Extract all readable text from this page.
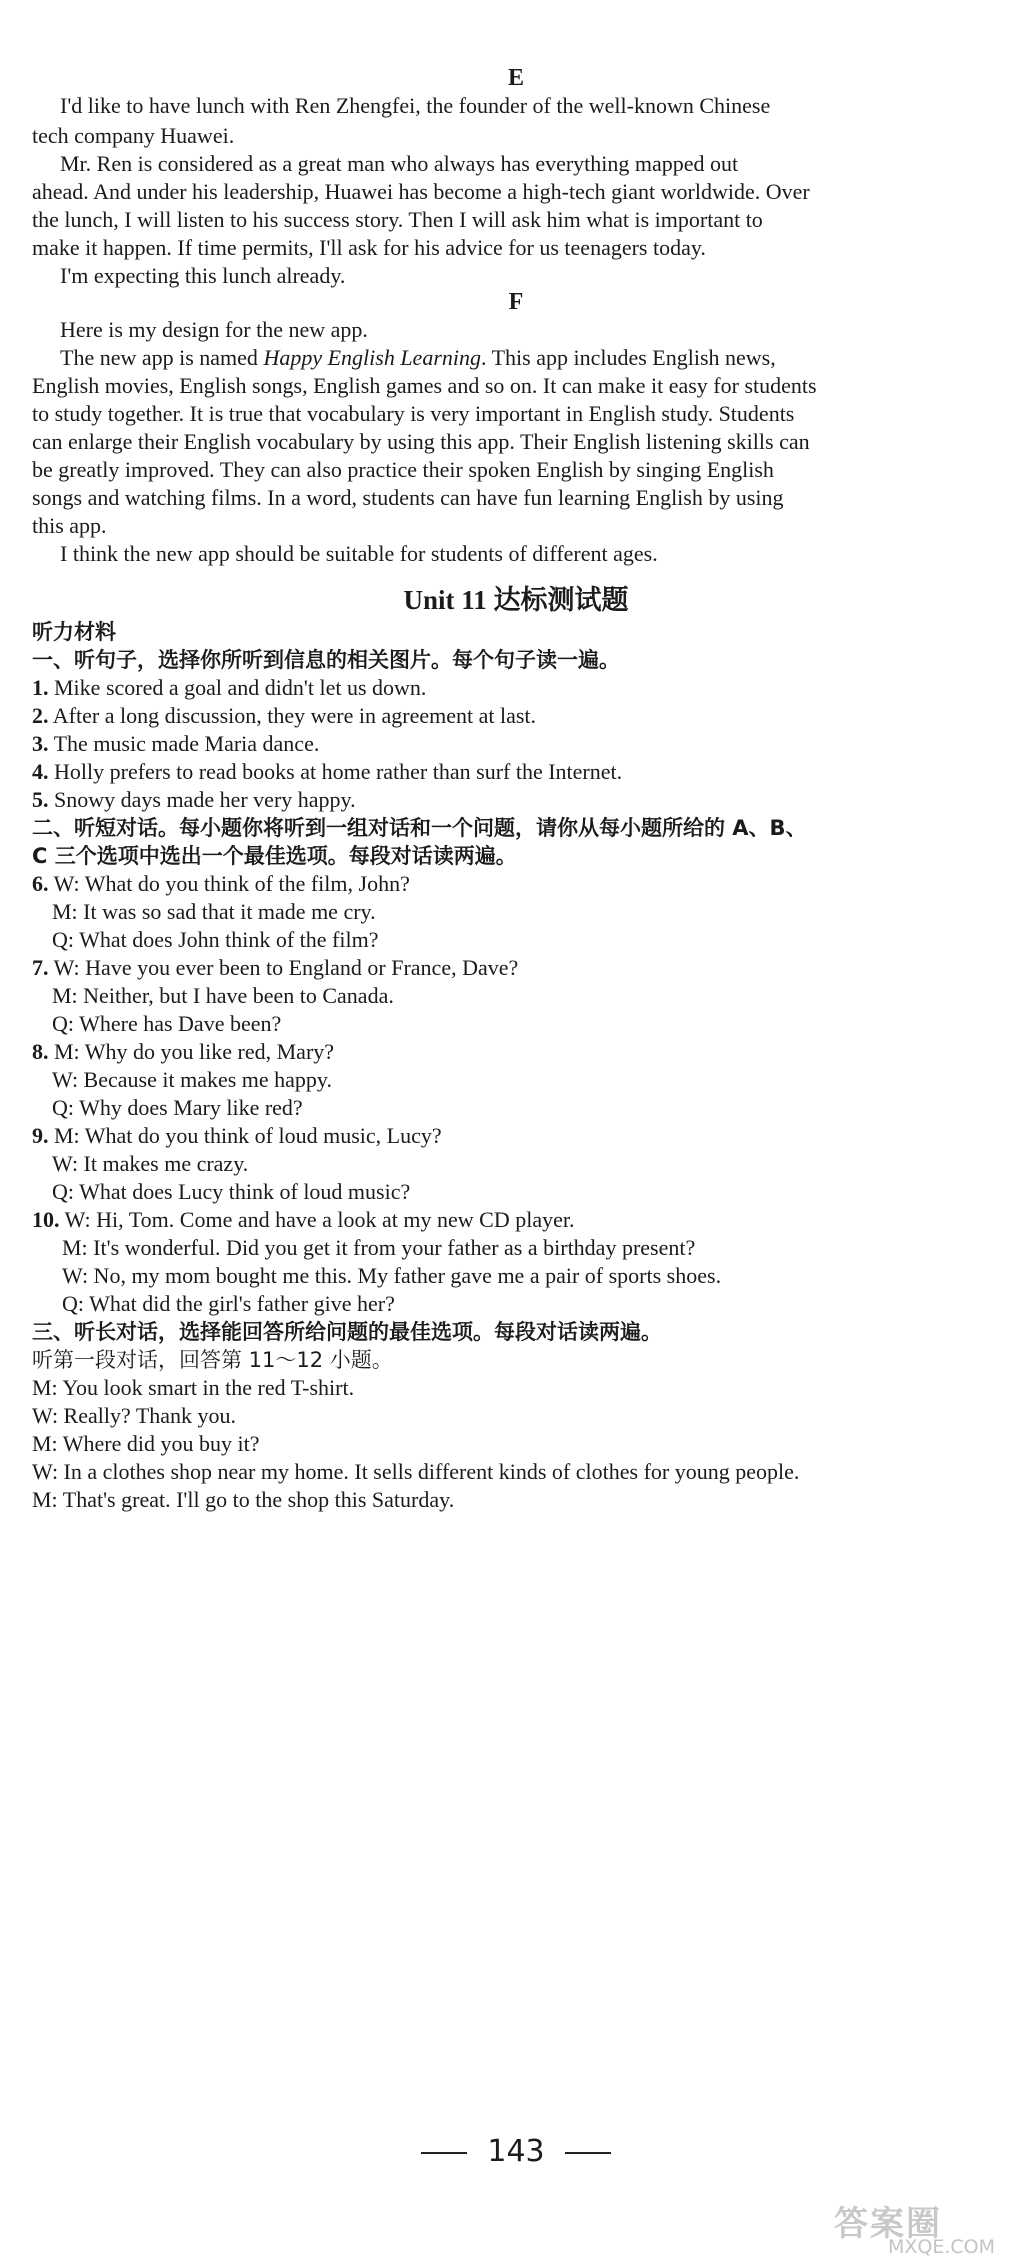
E
I'd like to have lunch with Ren Zhengfei, the founder of the well-known Chinese
tech company Huawei.
Mr. Ren is considered as a great man who always has everything mapped out
ahead. And under his leadership, Huawei has become a high-tech giant worldwide. Over
the lunch, I will listen to his success story. Then I will ask him what is important to
make it happen. If time permits, I'll ask for his advice for us teenagers today.
I'm expecting this lunch already.
F
Here is my design for the new app.
The new app is named Happy English Learning. This app includes English news,
English movies, English songs, English games and so on. It can make it easy for students
to study together. It is true that vocabulary is very important in English study. Students
can enlarge their English vocabulary by using this app. Their English listening skills can
be greatly improved. They can also practice their spoken English by singing English
songs and watching films. In a word, students can have fun learning English by using
this app.
I think the new app should be suitable for students of different ages.
Unit 11 达标测试题
听力材料
一、听句子，选择你所听到信息的相关图片。每个句子读一遍。
1. Mike scored a goal and didn't let us down.
2. After a long discussion, they were in agreement at last.
3. The music made Maria dance.
4. Holly prefers to read books at home rather than surf the Internet.
5. Snowy days made her very happy.
二、听短对话。每小题你将听到一组对话和一个问题，请你从每小题所给的 A、B、
C 三个选项中选出一个最佳选项。每段对话读两遍。
6. W: What do you think of the film, John?
M: It was so sad that it made me cry.
Q: What does John think of the film?
7. W: Have you ever been to England or France, Dave?
M: Neither, but I have been to Canada.
Q: Where has Dave been?
8. M: Why do you like red, Mary?
W: Because it makes me happy.
Q: Why does Mary like red?
9. M: What do you think of loud music, Lucy?
W: It makes me crazy.
Q: What does Lucy think of loud music?
10. W: Hi, Tom. Come and have a look at my new CD player.
M: It's wonderful. Did you get it from your father as a birthday present?
W: No, my mom bought me this. My father gave me a pair of sports shoes.
Q: What did the girl's father give her?
三、听长对话，选择能回答所给问题的最佳选项。每段对话读两遍。
听第一段对话，回答第 11～12 小题。
M: You look smart in the red T-shirt.
W: Really? Thank you.
M: Where did you buy it?
W: In a clothes shop near my home. It sells different kinds of clothes for young people.
M: That's great. I'll go to the shop this Saturday.
143
答案圈
MXQE.COM
